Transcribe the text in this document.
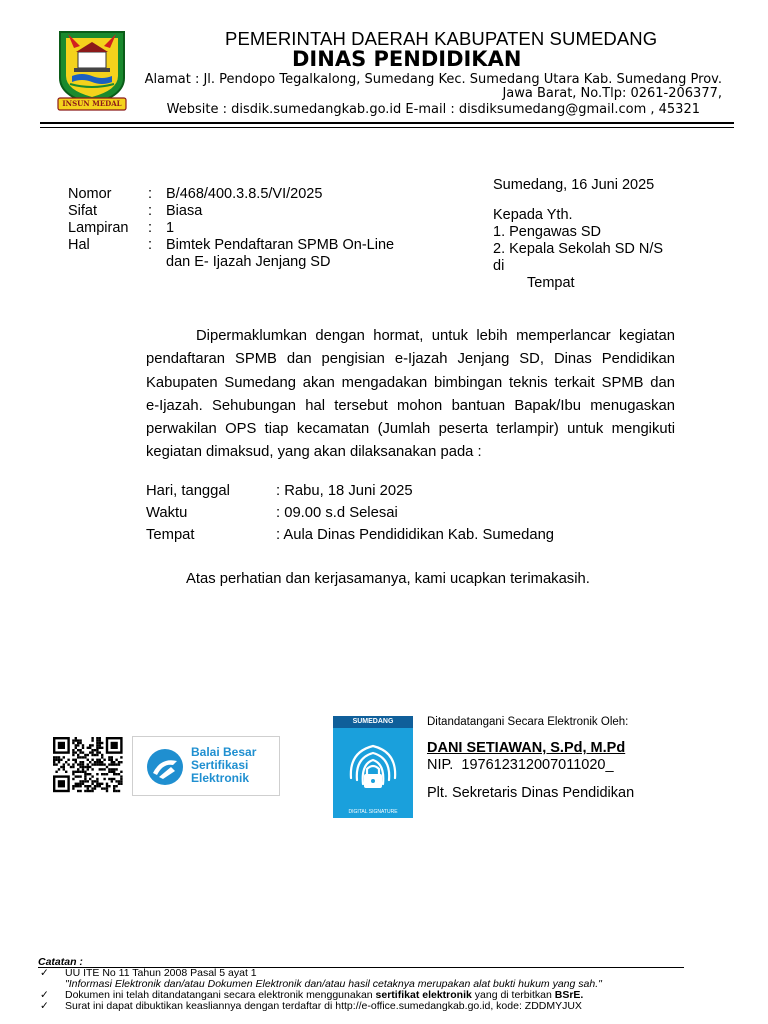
INSUN MEDAL
PEMERINTAH DAERAH KABUPATEN SUMEDANG
DINAS PENDIDIKAN
Alamat : Jl. Pendopo Tegalkalong, Sumedang Kec. Sumedang Utara Kab. Sumedang Prov.
Jawa Barat, No.Tlp: 0261-206377,
Website : disdik.sumedangkab.go.id E-mail : disdiksumedang@gmail.com , 45321
Nomor	: B/468/400.3.8.5/VI/2025
Sifat	: Biasa
Lampiran : 1
Hal	: Bimtek Pendaftaran SPMB On-Line
dan E- Ijazah Jenjang SD
Sumedang, 16 Juni 2025
Kepada Yth.
1. Pengawas SD
2. Kepala Sekolah SD N/S
di
Tempat
Dipermaklumkan dengan hormat, untuk lebih memperlancar kegiatan
pendaftaran SPMB dan pengisian e-Ijazah Jenjang SD, Dinas Pendidikan
Kabupaten Sumedang akan mengadakan bimbingan teknis terkait SPMB dan
e-Ijazah. Sehubungan hal tersebut mohon bantuan Bapak/Ibu menugaskan
perwakilan OPS tiap kecamatan (Jumlah peserta terlampir) untuk mengikuti
kegiatan dimaksud, yang akan dilaksanakan pada :
Hari, tanggal	: Rabu, 18 Juni 2025
Waktu	: 09.00 s.d Selesai
Tempat	: Aula Dinas Pendididikan Kab. Sumedang
Atas perhatian dan kerjasamanya, kami ucapkan terimakasih.
Balai Besar
Sertifikasi
Elektronik
SUMEDANG
DIGITAL SIGNATURE
Ditandatangani Secara Elektronik Oleh:
DANI SETIAWAN, S.Pd, M.Pd
NIP.  197612312007011020_
Plt. Sekretaris Dinas Pendidikan
Catatan :
✓ UU ITE No 11 Tahun 2008 Pasal 5 ayat 1
"Informasi Elektronik dan/atau Dokumen Elektronik dan/atau hasil cetaknya merupakan alat bukti hukum yang sah."
✓ Dokumen ini telah ditandatangani secara elektronik menggunakan sertifikat elektronik yang di terbitkan BSrE.
✓ Surat ini dapat dibuktikan keasliannya dengan terdaftar di http://e-office.sumedangkab.go.id, kode: ZDDMYJUX
